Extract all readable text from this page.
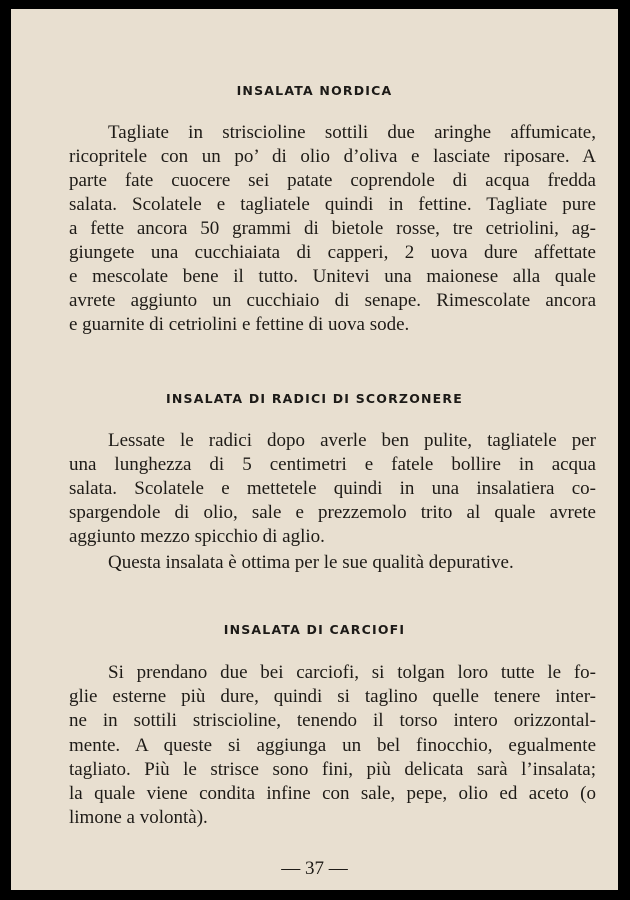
INSALATA NORDICA

Tagliate in striscioline sottili due aringhe affumicate,

ricopritele con un po’ di olio d’oliva e lasciate riposare. A

parte fate cuocere sei patate coprendole di acqua fredda

salata. Scolatele e tagliatele quindi in fettine. Tagliate pure

a fette ancora 50 grammi di bietole rosse, tre cetriolini, ag-

giungete una cucchiaiata di capperi, 2 uova dure affettate

e mescolate bene il tutto. Unitevi una maionese alla quale

avrete aggiunto un cucchiaio di senape. Rimescolate ancora

e guarnite di cetriolini e fettine di uova sode.

INSALATA DI RADICI DI SCORZONERE

Lessate le radici dopo averle ben pulite, tagliatele per

una lunghezza di 5 centimetri e fatele bollire in acqua

salata. Scolatele e mettetele quindi in una insalatiera co-

spargendole di olio, sale e prezzemolo trito al quale avrete

aggiunto mezzo spicchio di aglio.

Questa insalata è ottima per le sue qualità depurative.

INSALATA DI CARCIOFI

Si prendano due bei carciofi, si tolgan loro tutte le fo-

glie esterne più dure, quindi si taglino quelle tenere inter-

ne in sottili striscioline, tenendo il torso intero orizzontal-

mente. A queste si aggiunga un bel finocchio, egualmente

tagliato. Più le strisce sono fini, più delicata sarà l’insalata;

la quale viene condita infine con sale, pepe, olio ed aceto (o

limone a volontà).

— 37 —
